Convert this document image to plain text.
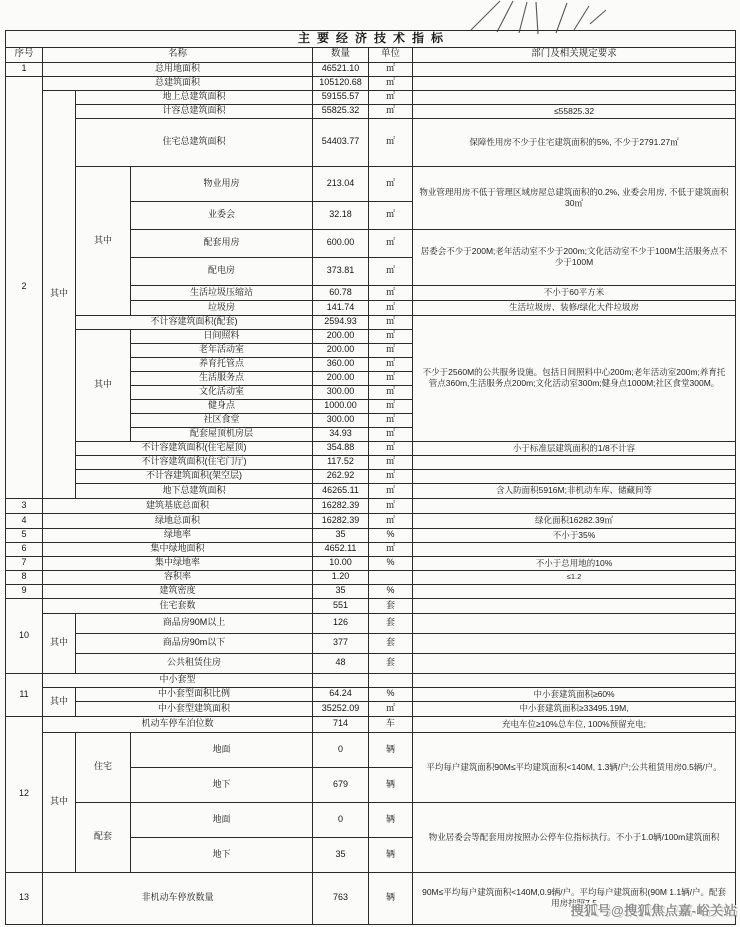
主要经济技术指标						
序号	名称			数量	单位	部门及相关规定要求
1	总用地面积			46521.10	㎡	
2	总建筑面积			105120.68	㎡	
	其中	地上总建筑面积		59155.57	㎡	
		计容总建筑面积		55825.32	㎡	≤55825.32
		住宅总建筑面积		54403.77	㎡	保障性用房不少于住宅建筑面积的5%, 不少于2791.27㎡
		其中	物业用房	213.04	㎡	物业管理用房不低于管理区域房屋总建筑面积的0.2%, 业委会用房, 不低于建筑面积30㎡
			业委会	32.18	㎡	
			配套用房	600.00	㎡	居委会不少于200M;老年活动室不少于200m;文化活动室不少于100M生活服务点不少于100M
			配电房	373.81	㎡	
			生活垃圾压缩站	60.78	㎡	不小于60平方米
			垃圾房	141.74	㎡	生活垃圾房、装修/绿化大件垃圾房
		不计容建筑面积(配套)		2594.93	㎡	不少于2560M的公共服务设施。包括日间照料中心200m;老年活动室200m;养育托管点360m,生活服务点200m;文化活动室300m;健身点1000M;社区食堂300M。
		其中	日间照料	200.00	㎡	
			老年活动室	200.00	㎡	
			养育托管点	360.00	㎡	
			生活服务点	200.00	㎡	
			文化活动室	300.00	㎡	
			健身点	1000.00	㎡	
			社区食堂	300.00	㎡	
			配套屋顶机房层	34.93	㎡	
		不计容建筑面积(住宅屋顶)		354.88	㎡	小于标准层建筑面积的1/8不计容
		不计容建筑面积(住宅门厅)		117.52	㎡	
		不计容建筑面积(架空层)		262.92	㎡	
		地下总建筑面积		46265.11	㎡	含人防面积5916M;非机动车库、储藏间等
3	建筑基底总面积			16282.39	㎡	
4	绿地总面积			16282.39	㎡	绿化面积16282.39㎡
5	绿地率			35	%	不小于35%
6	集中绿地面积			4652.11	㎡	
7	集中绿地率			10.00	%	不小于总用地的10%
8	容积率			1.20		≤1.2
9	建筑密度			35	%	
10	住宅套数			551	套	
	其中	商品房90M以上		126	套	
		商品房90m以下		377	套	
		公共租赁住房		48	套	
11	中小套型					
	其中	中小套型面积比例		64.24	%	中小套建筑面积≥60%
		中小套型建筑面积		35252.09	㎡	中小套建筑面积≥33495.19M,
12	机动车停车泊位数			714	车	充电车位≥10%总车位, 100%预留充电;
	其中	住宅	地面	0	辆	平均每户建筑面积90M≤平均建筑面积<140M, 1.3辆/户;公共租赁用房0.5辆/户。
			地下	679	辆	
		配套	地面	0	辆	物业居委会等配套用房按照办公停车位指标执行。不小于1.0辆/100m建筑面积
			地下	35	辆	
13	非机动车停放数量			763	辆	90M≤平均每户建筑面积<140M,0.9辆/户。平均每户建筑面积(90M 1.1辆/户。配套用房按照7.5
搜狐号@搜狐焦点嘉-峪关站
